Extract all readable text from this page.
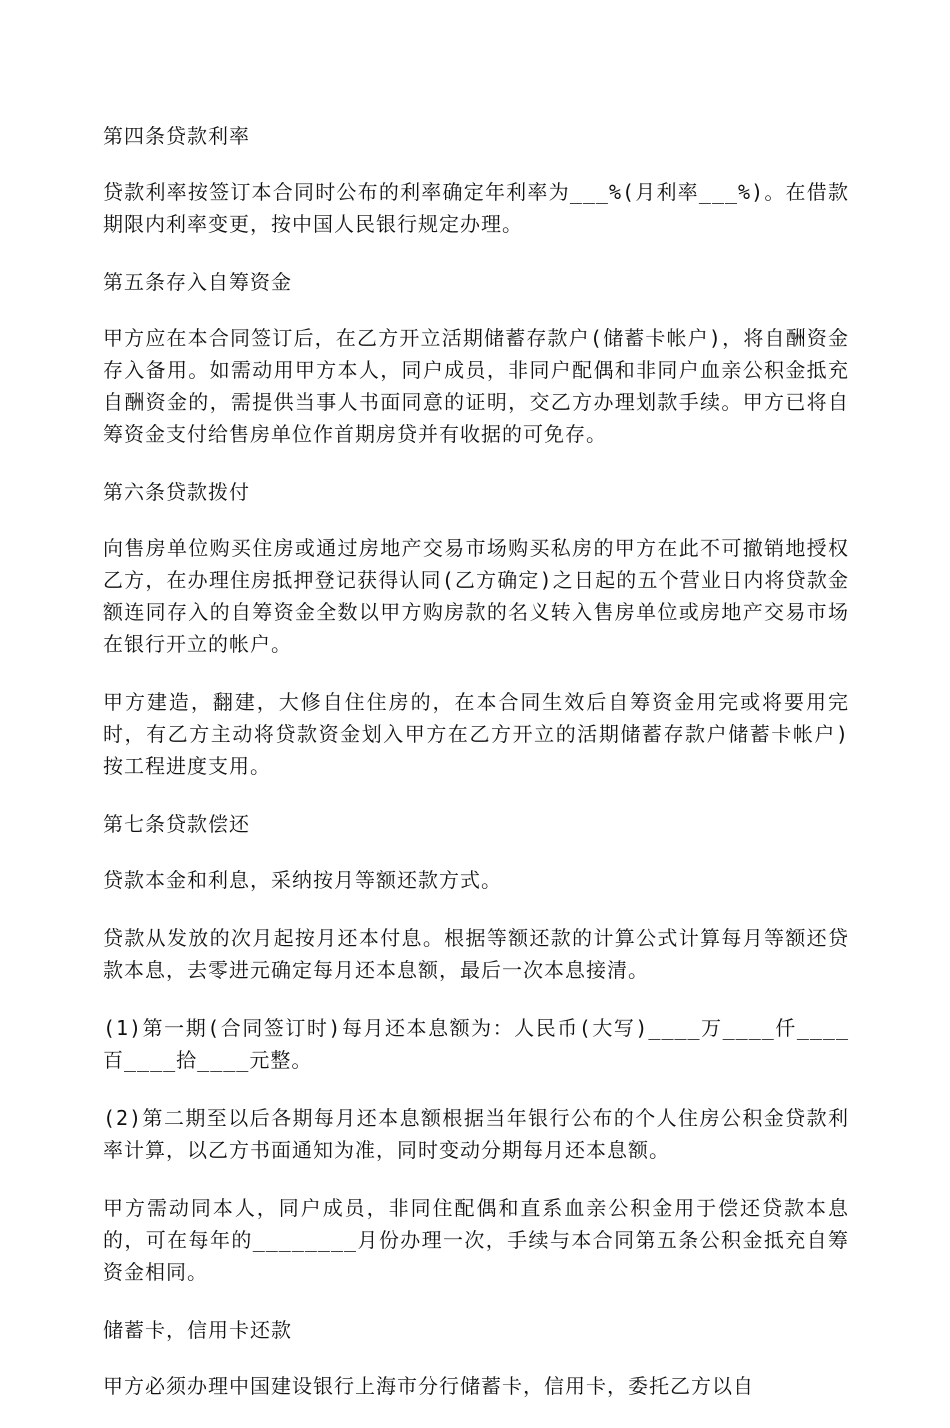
第四条贷款利率

贷款利率按签订本合同时公布的利率确定年利率为___%(月利率___%)。在借款期限内利率变更，按中国人民银行规定办理。

第五条存入自筹资金

甲方应在本合同签订后，在乙方开立活期储蓄存款户(储蓄卡帐户)，将自酬资金存入备用。如需动用甲方本人，同户成员，非同户配偶和非同户血亲公积金抵充自酬资金的，需提供当事人书面同意的证明，交乙方办理划款手续。甲方已将自筹资金支付给售房单位作首期房贷并有收据的可免存。

第六条贷款拨付

向售房单位购买住房或通过房地产交易市场购买私房的甲方在此不可撤销地授权乙方，在办理住房抵押登记获得认同(乙方确定)之日起的五个营业日内将贷款金额连同存入的自筹资金全数以甲方购房款的名义转入售房单位或房地产交易市场在银行开立的帐户。

甲方建造，翻建，大修自住住房的，在本合同生效后自筹资金用完或将要用完时，有乙方主动将贷款资金划入甲方在乙方开立的活期储蓄存款户储蓄卡帐户)按工程进度支用。

第七条贷款偿还

贷款本金和利息，采纳按月等额还款方式。

贷款从发放的次月起按月还本付息。根据等额还款的计算公式计算每月等额还贷款本息，去零进元确定每月还本息额，最后一次本息接清。

(1)第一期(合同签订时)每月还本息额为：人民币(大写)____万____仟____百____拾____元整。

(2)第二期至以后各期每月还本息额根据当年银行公布的个人住房公积金贷款利率计算，以乙方书面通知为准，同时变动分期每月还本息额。

甲方需动同本人，同户成员，非同住配偶和直系血亲公积金用于偿还贷款本息的，可在每年的________月份办理一次，手续与本合同第五条公积金抵充自筹资金相同。

储蓄卡，信用卡还款

甲方必须办理中国建设银行上海市分行储蓄卡，信用卡，委托乙方以自
